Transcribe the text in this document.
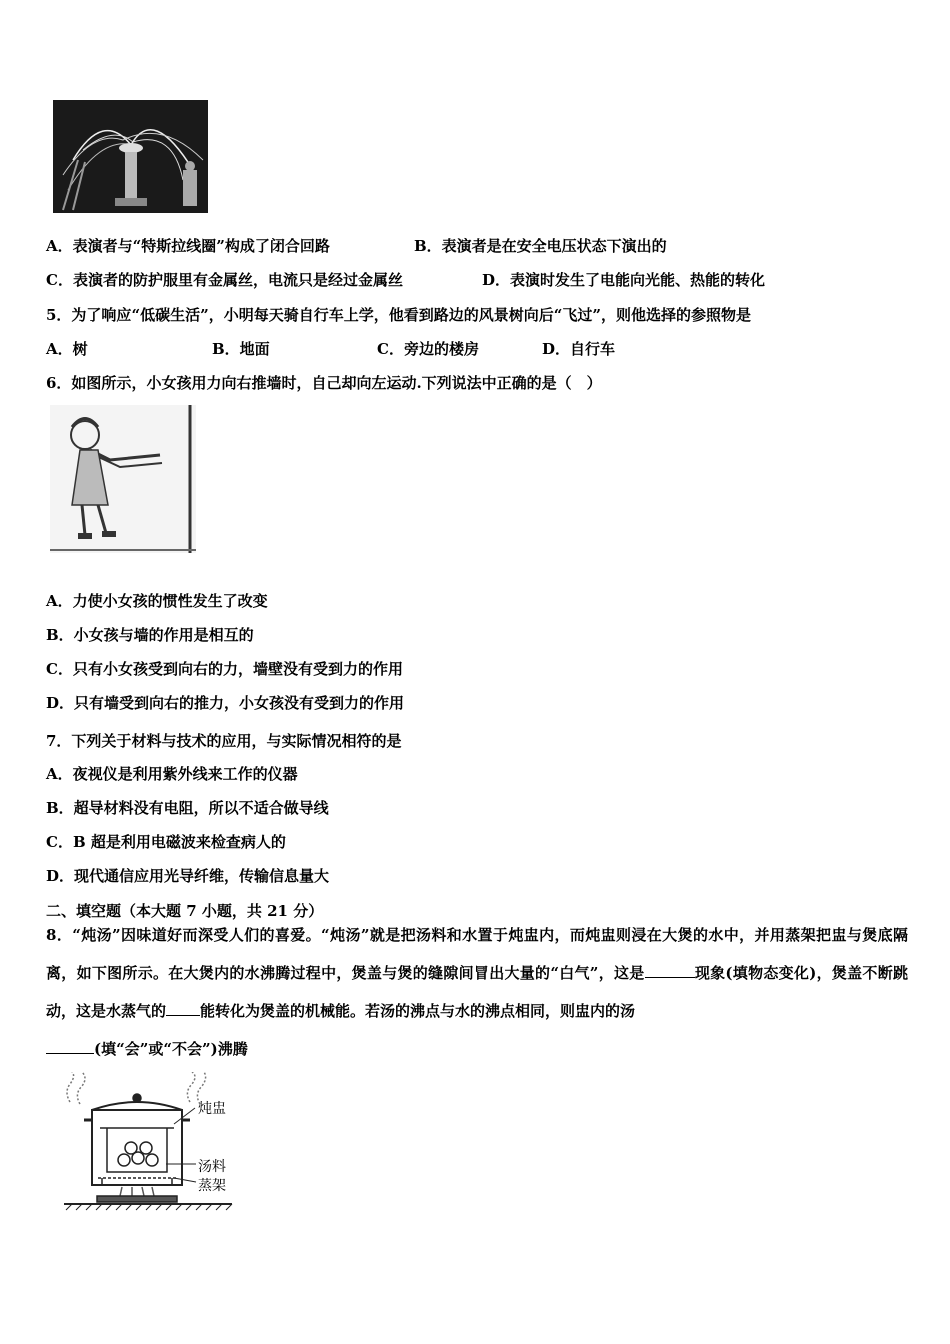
A．表演者与“特斯拉线圈”构成了闭合回路	B．表演者是在安全电压状态下演出的
C．表演者的防护服里有金属丝，电流只是经过金属丝	D．表演时发生了电能向光能、热能的转化
5．为了响应“低碳生活”，小明每天骑自行车上学，他看到路边的风景树向后“飞过”，则他选择的参照物是
A．树	B．地面	C．旁边的楼房	D．自行车
6．如图所示，小女孩用力向右推墙时，自己却向左运动.下列说法中正确的是（　）
A．力使小女孩的惯性发生了改变
B．小女孩与墙的作用是相互的
C．只有小女孩受到向右的力，墙壁没有受到力的作用
D．只有墙受到向右的推力，小女孩没有受到力的作用
7．下列关于材料与技术的应用，与实际情况相符的是
A．夜视仪是利用紫外线来工作的仪器
B．超导材料没有电阻，所以不适合做导线
C．B 超是利用电磁波来检查病人的
D．现代通信应用光导纤维，传输信息量大
二、填空题（本大题 7 小题，共 21 分）
8．“炖汤”因味道好而深受人们的喜爱。“炖汤”就是把汤料和水置于炖盅内，而炖盅则浸在大煲的水中，并用蒸架把盅与煲底隔离，如下图所示。在大煲内的水沸腾过程中，煲盖与煲的缝隙间冒出大量的“白气”，这是	现象(填物态变化)，煲盖不断跳动，这是水蒸气的 能转化为煲盖的机械能。若汤的沸点与水的沸点相同，则盅内的汤
(填“会”或“不会”)沸腾
炖盅
汤料
蒸架
